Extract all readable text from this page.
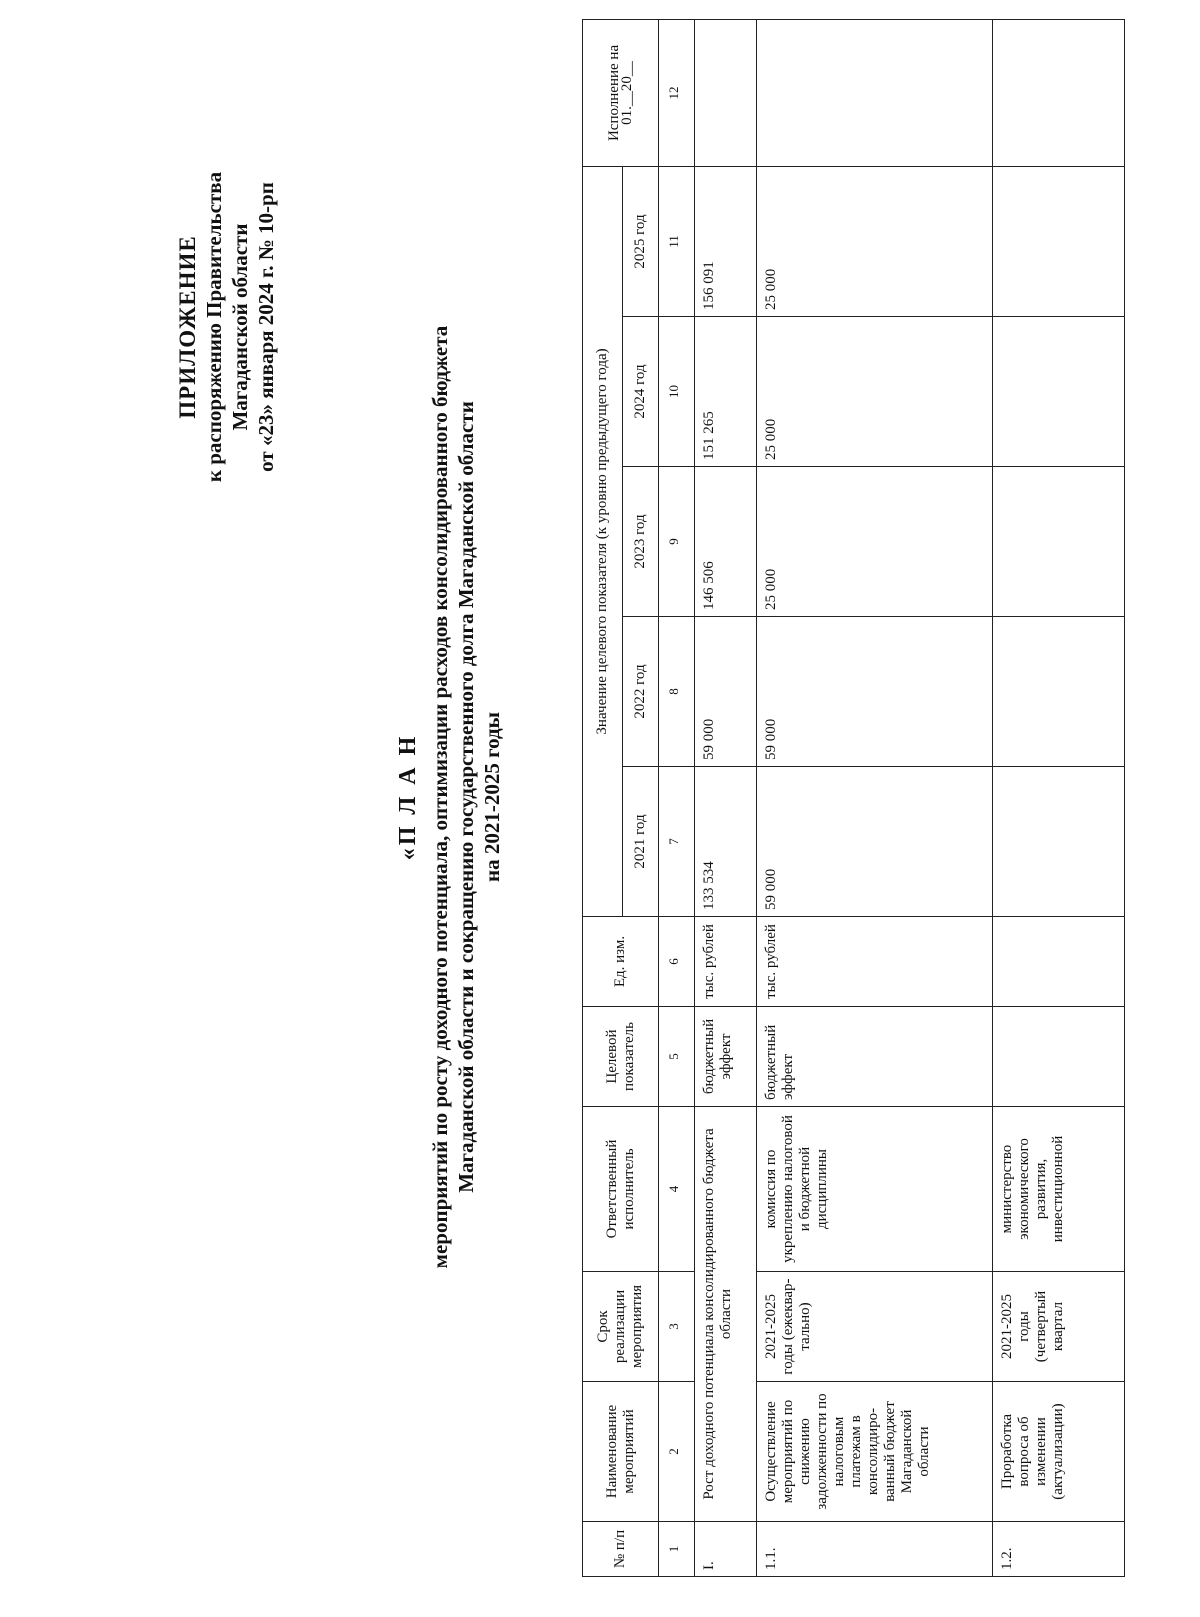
ПРИЛОЖЕНИЕ к распоряжению Правительства Магаданской области от «23» января 2024 г. № 10-рп
«П Л А Н мероприятий по росту доходного потенциала, оптимизации расходов консолидированного бюджета Магаданской области и сокращению государственного долга Магаданской области на 2021-2025 годы
№ п/п	Наименование мероприятий	Срок реализации мероприятия	Ответственный исполнитель	Целевой показатель	Ед. изм.	Значение целевого показателя (к уровню предыдущего года)					Исполнение на 01.__20__
						2021 год	2022 год	2023 год	2024 год	2025 год	
1	2	3	4	5	6	7	8	9	10	11	12
I.	Рост доходного потенциала консолидированного бюджета области			бюджетный эффект	тыс. рублей	133 534	59 000	146 506	151 265	156 091	
1.1.	Осуществление мероприятий по снижению задолженности по налоговым платежам в консолидиро-ванный бюджет Магаданской области	2021-2025 годы (ежеквар-тально)	комиссия по укреплению налоговой и бюджетной дисциплины	бюджетный эффект	тыс. рублей	59 000	59 000	25 000	25 000	25 000	
1.2.	Проработка вопроса об изменении (актуализации)	2021-2025 годы (четвертый квартал	министерство экономического развития, инвестиционной								
